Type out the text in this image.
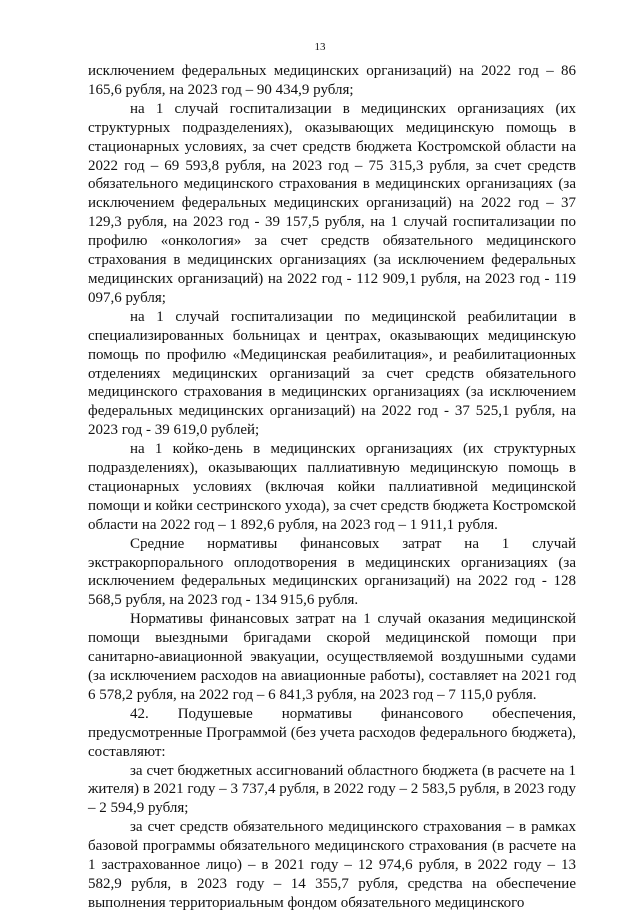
13

исключением федеральных медицинских организаций) на 2022 год – 86 165,6 рубля, на 2023 год – 90 434,9 рубля;

на 1 случай госпитализации в медицинских организациях (их структурных подразделениях), оказывающих медицинскую помощь в стационарных условиях, за счет средств бюджета Костромской области на 2022 год – 69 593,8 рубля, на 2023 год – 75 315,3 рубля, за счет средств обязательного медицинского страхования в медицинских организациях (за исключением федеральных медицинских организаций) на 2022 год – 37 129,3 рубля, на 2023 год - 39 157,5 рубля, на 1 случай госпитализации по профилю «онкология» за счет средств обязательного медицинского страхования в медицинских организациях (за исключением федеральных медицинских организаций) на 2022 год - 112 909,1 рубля, на 2023 год - 119 097,6 рубля;

на 1 случай госпитализации по медицинской реабилитации в специализированных больницах и центрах, оказывающих медицинскую помощь по профилю «Медицинская реабилитация», и реабилитационных отделениях медицинских организаций за счет средств обязательного медицинского страхования в медицинских организациях (за исключением федеральных медицинских организаций) на 2022 год - 37 525,1 рубля, на 2023 год - 39 619,0 рублей;

на 1 койко-день в медицинских организациях (их структурных подразделениях), оказывающих паллиативную медицинскую помощь в стационарных условиях (включая койки паллиативной медицинской помощи и койки сестринского ухода), за счет средств бюджета Костромской области на 2022 год – 1 892,6 рубля, на 2023 год – 1 911,1 рубля.

Средние нормативы финансовых затрат на 1 случай экстракорпорального оплодотворения в медицинских организациях (за исключением федеральных медицинских организаций) на 2022 год - 128 568,5 рубля, на 2023 год - 134 915,6 рубля.

Нормативы финансовых затрат на 1 случай оказания медицинской помощи выездными бригадами скорой медицинской помощи при санитарно-авиационной эвакуации, осуществляемой воздушными судами (за исключением расходов на авиационные работы), составляет на 2021 год 6 578,2 рубля, на 2022 год – 6 841,3 рубля, на 2023 год – 7 115,0 рубля.

42. Подушевые нормативы финансового обеспечения, предусмотренные Программой (без учета расходов федерального бюджета), составляют:

за счет бюджетных ассигнований областного бюджета (в расчете на 1 жителя) в 2021 году – 3 737,4 рубля, в 2022 году – 2 583,5 рубля, в 2023 году – 2 594,9 рубля;

за счет средств обязательного медицинского страхования – в рамках базовой программы обязательного медицинского страхования (в расчете на 1 застрахованное лицо) – в 2021 году – 12 974,6 рубля, в 2022 году – 13 582,9 рубля, в 2023 году – 14 355,7 рубля, средства на обеспечение выполнения территориальным фондом обязательного медицинского
